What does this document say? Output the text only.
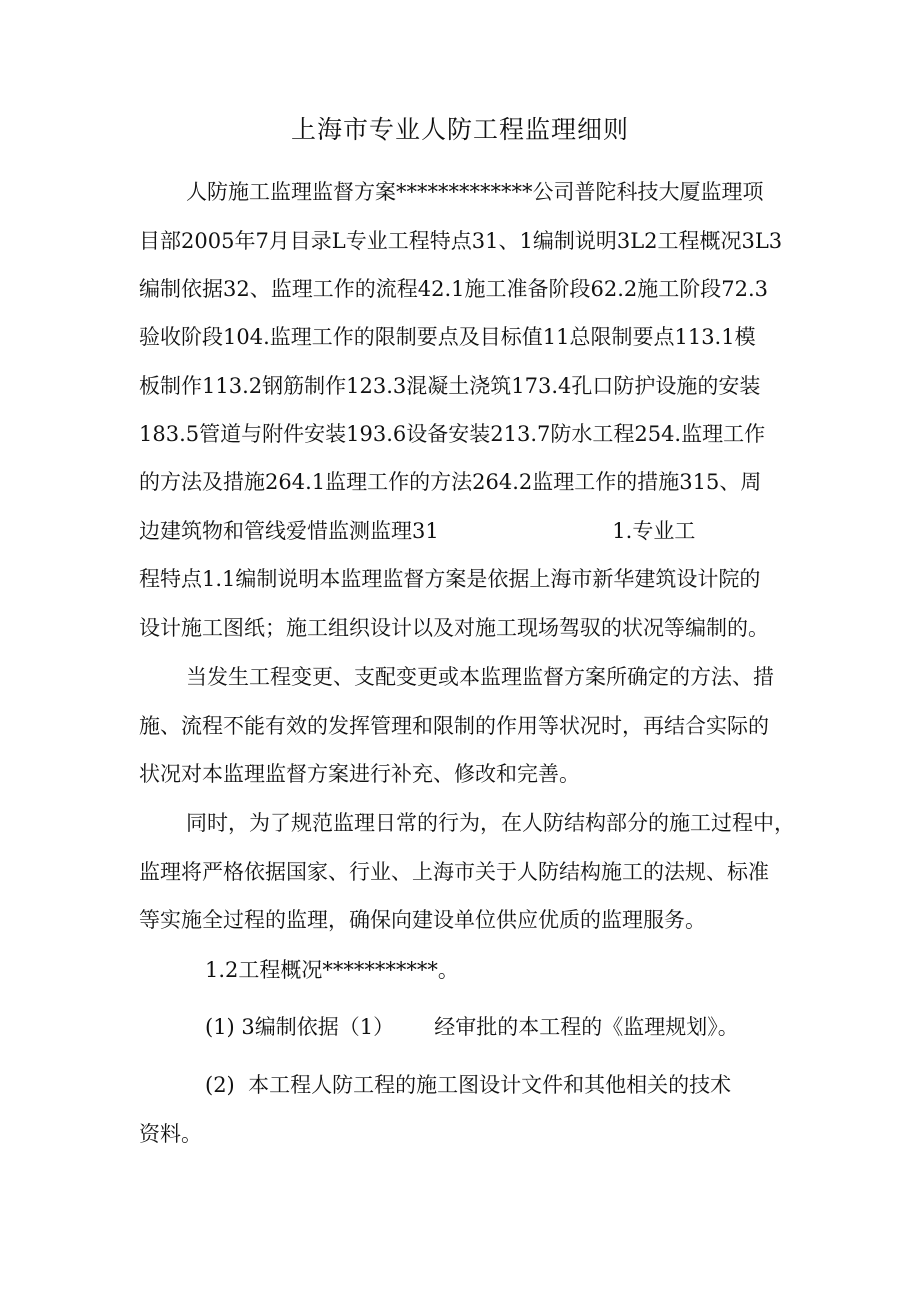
上海市专业人防工程监理细则

人防施工监理监督方案*************公司普陀科技大厦监理项

目部2005年7月目录L专业工程特点31、1编制说明3L2工程概况3L3

编制依据32、监理工作的流程42.1施工准备阶段62.2施工阶段72.3

验收阶段104.监理工作的限制要点及目标值11总限制要点113.1模

板制作113.2钢筋制作123.3混凝土浇筑173.4孔口防护设施的安装

183.5管道与附件安装193.6设备安装213.7防水工程254.监理工作

的方法及措施264.1监理工作的方法264.2监理工作的措施315、周

边建筑物和管线爱惜监测监理31                          1.专业工

程特点1.1编制说明本监理监督方案是依据上海市新华建筑设计院的

设计施工图纸；施工组织设计以及对施工现场驾驭的状况等编制的。

当发生工程变更、支配变更或本监理监督方案所确定的方法、措

施、流程不能有效的发挥管理和限制的作用等状况时，再结合实际的

状况对本监理监督方案进行补充、修改和完善。

同时，为了规范监理日常的行为，在人防结构部分的施工过程中，

监理将严格依据国家、行业、上海市关于人防结构施工的法规、标准

等实施全过程的监理，确保向建设单位供应优质的监理服务。

1.2工程概况***********。

(1) 3编制依据（1）      经审批的本工程的《监理规划》。

(2)  本工程人防工程的施工图设计文件和其他相关的技术

资料。
